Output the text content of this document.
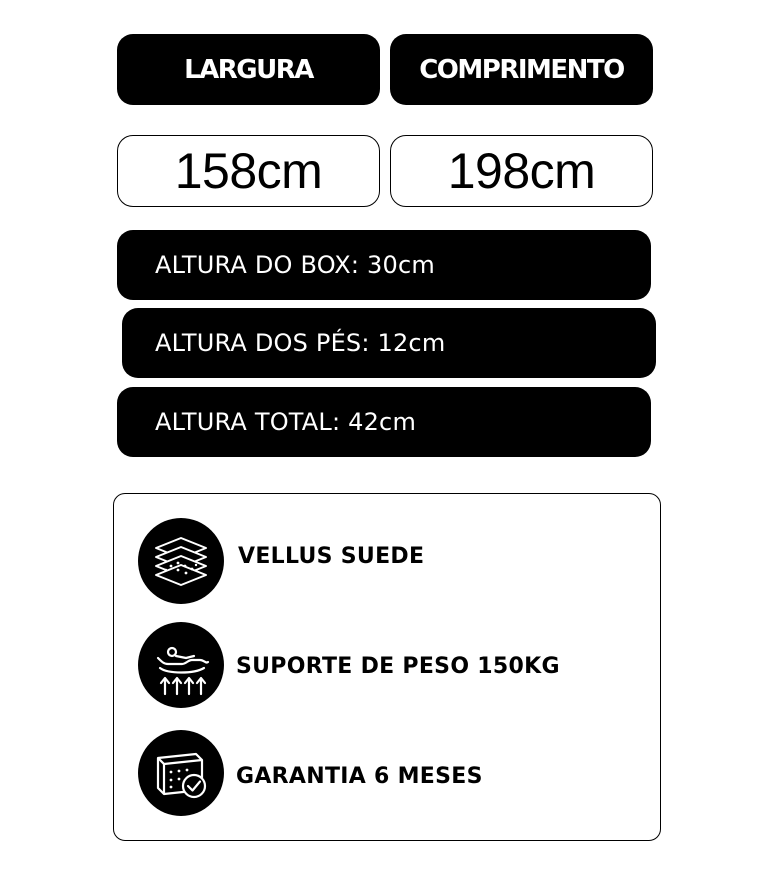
LARGURA	COMPRIMENTO
158cm	198cm
ALTURA DO BOX: 30cm
ALTURA DOS PÉS: 12cm
ALTURA TOTAL: 42cm
VELLUS SUEDE
SUPORTE DE PESO 150KG
GARANTIA 6 MESES
